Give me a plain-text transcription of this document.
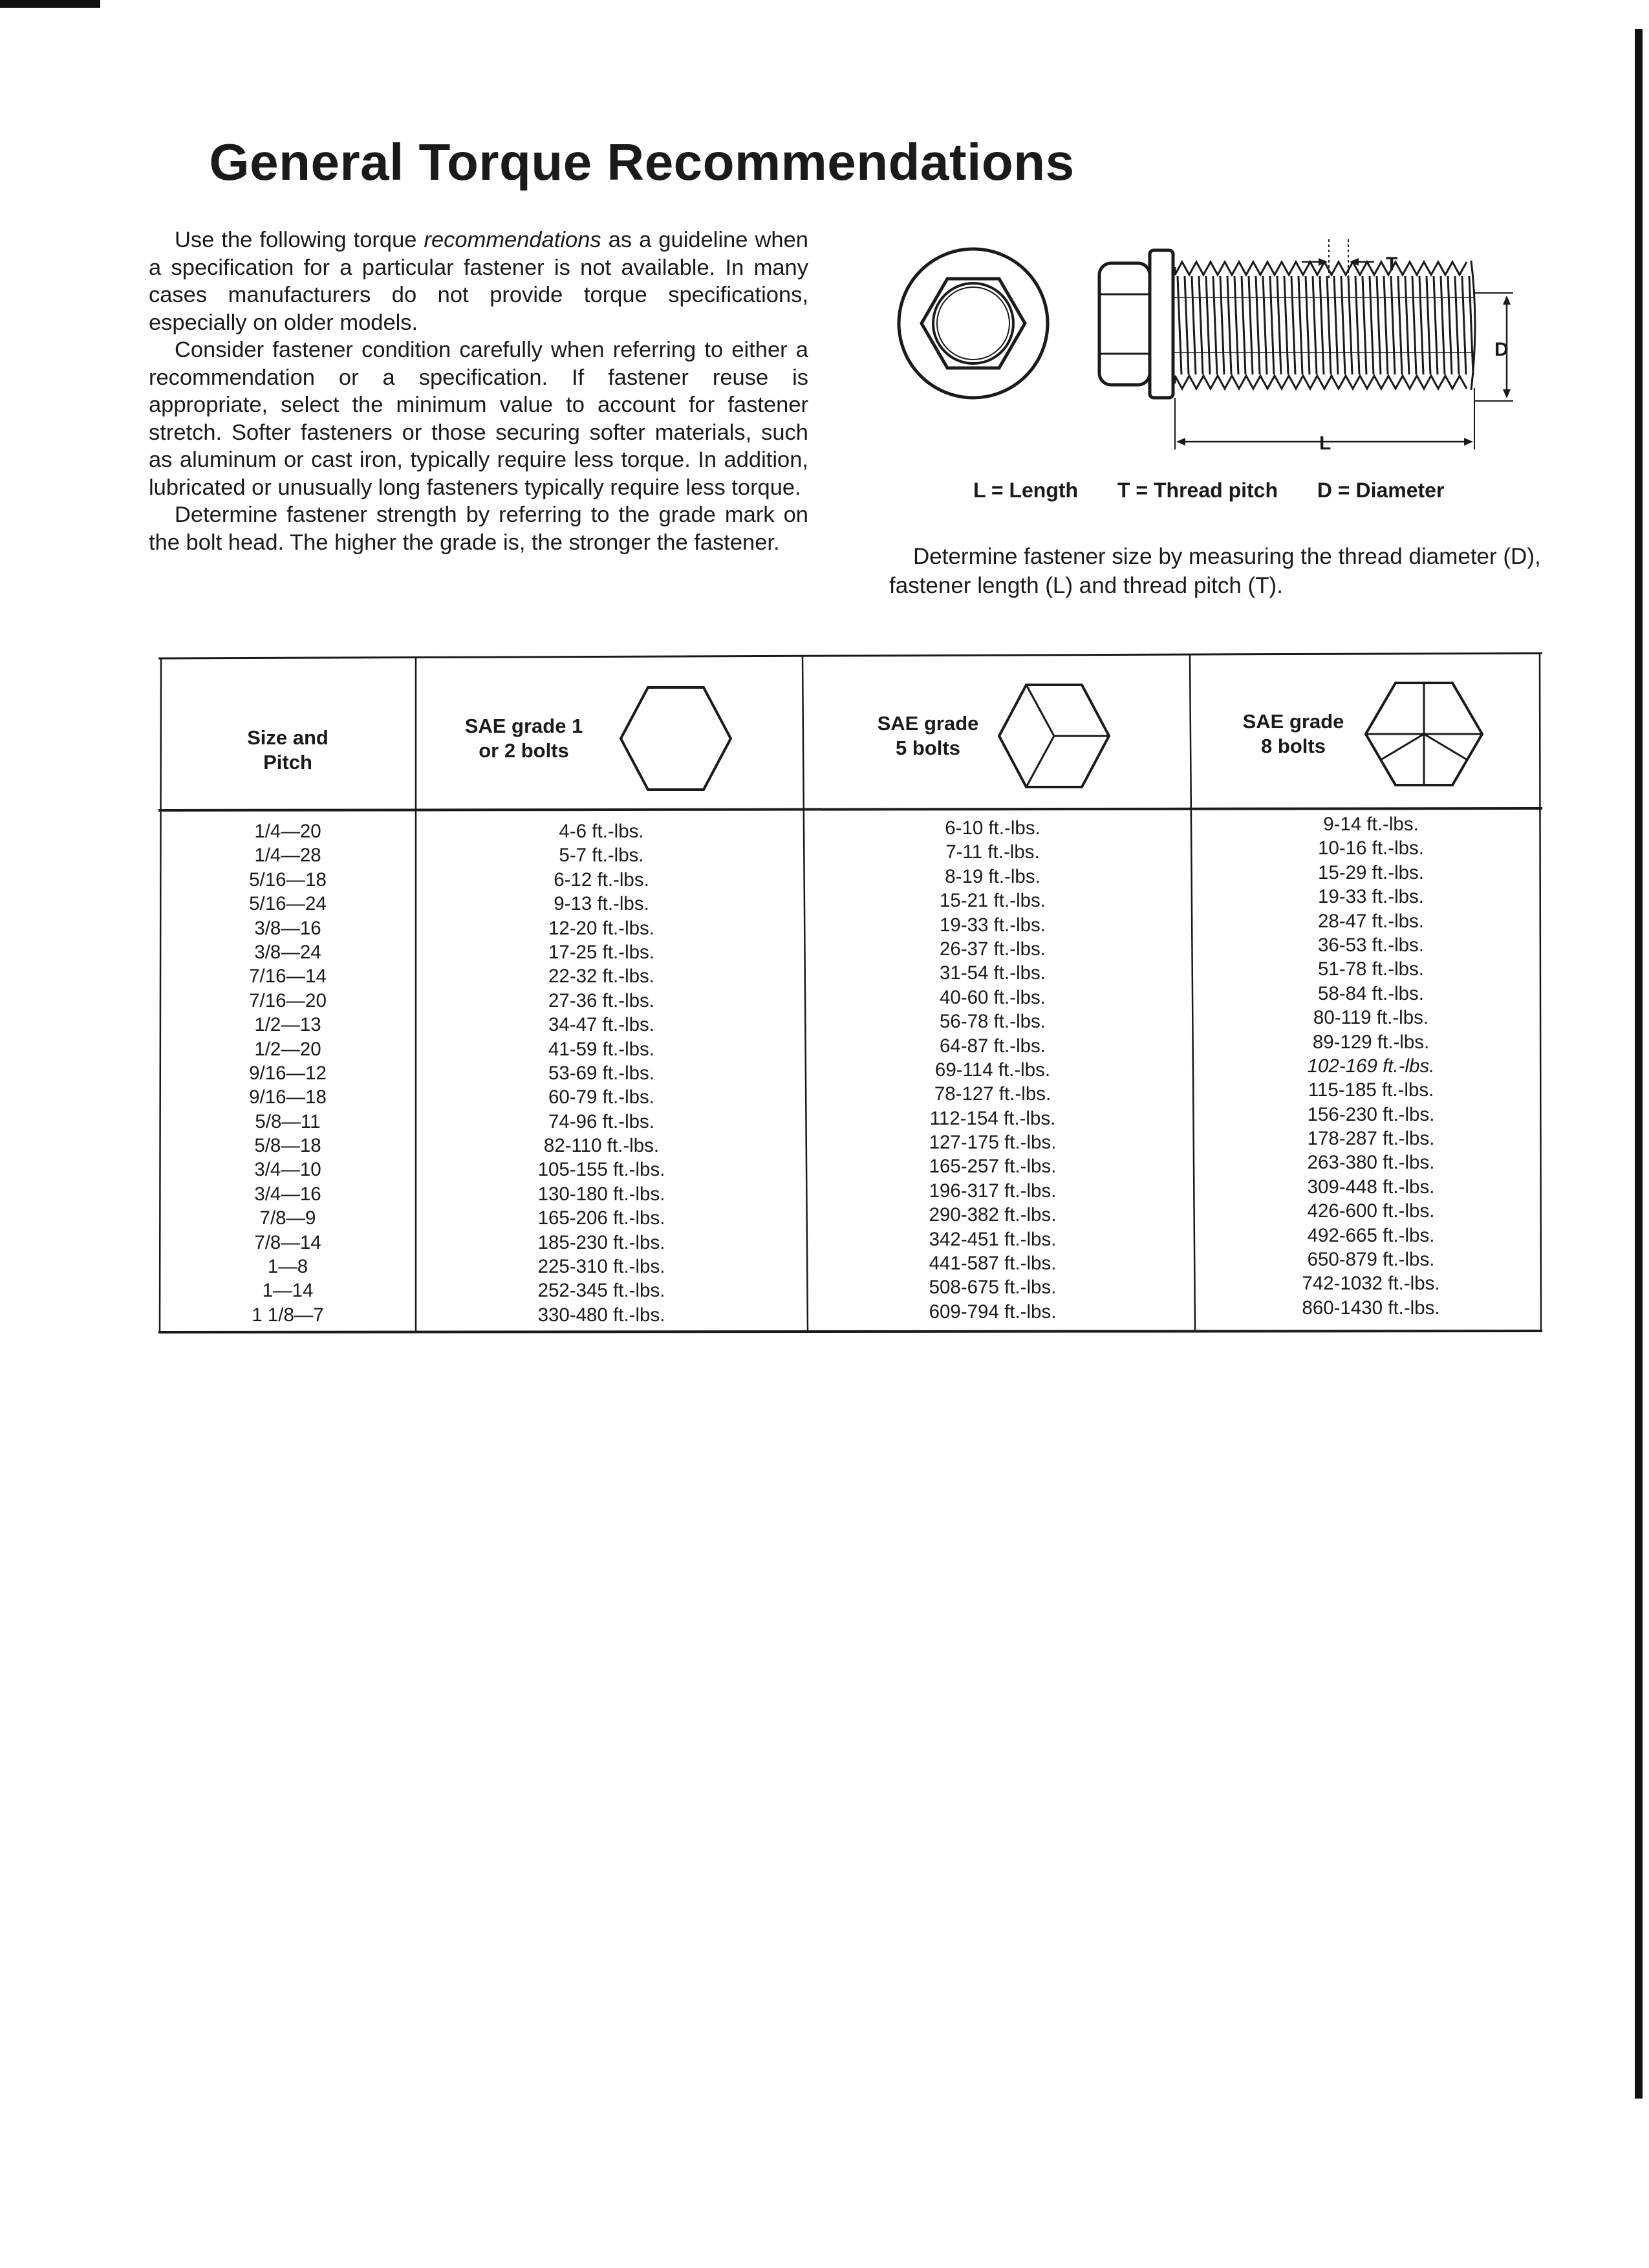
General Torque Recommendations

Use the following torque recommendations as a guideline when a specification for a particular fastener is not available. In many cases manufacturers do not provide torque specifications, especially on older models.

Consider fastener condition carefully when referring to either a recommendation or a specification. If fastener reuse is appropriate, select the minimum value to account for fastener stretch. Softer fasteners or those securing softer materials, such as aluminum or cast iron, typically require less torque. In addition, lubricated or unusually long fasteners typically require less torque.

Determine fastener strength by referring to the grade mark on the bolt head. The higher the grade is, the stronger the fastener.

T
D
L
L = Length T = Thread pitch D = Diameter
Determine fastener size by measuring the thread diameter (D), fastener length (L) and thread pitch (T).
Size and
Pitch
SAE grade 1
or 2 bolts
SAE grade
5 bolts
SAE grade
8 bolts
1/4—20
1/4—28
5/16—18
5/16—24
3/8—16
3/8—24
7/16—14
7/16—20
1/2—13
1/2—20
9/16—12
9/16—18
5/8—11
5/8—18
3/4—10
3/4—16
7/8—9
7/8—14
1—8
1—14
1 1/8—7
4-6 ft.-lbs.
5-7 ft.-lbs.
6-12 ft.-lbs.
9-13 ft.-lbs.
12-20 ft.-lbs.
17-25 ft.-lbs.
22-32 ft.-lbs.
27-36 ft.-lbs.
34-47 ft.-lbs.
41-59 ft.-lbs.
53-69 ft.-lbs.
60-79 ft.-lbs.
74-96 ft.-lbs.
82-110 ft.-lbs.
105-155 ft.-lbs.
130-180 ft.-lbs.
165-206 ft.-lbs.
185-230 ft.-lbs.
225-310 ft.-lbs.
252-345 ft.-lbs.
330-480 ft.-lbs.
6-10 ft.-lbs.
7-11 ft.-lbs.
8-19 ft.-lbs.
15-21 ft.-lbs.
19-33 ft.-lbs.
26-37 ft.-lbs.
31-54 ft.-lbs.
40-60 ft.-lbs.
56-78 ft.-lbs.
64-87 ft.-lbs.
69-114 ft.-lbs.
78-127 ft.-lbs.
112-154 ft.-lbs.
127-175 ft.-lbs.
165-257 ft.-lbs.
196-317 ft.-lbs.
290-382 ft.-lbs.
342-451 ft.-lbs.
441-587 ft.-lbs.
508-675 ft.-lbs.
609-794 ft.-lbs.
9-14 ft.-lbs.
10-16 ft.-lbs.
15-29 ft.-lbs.
19-33 ft.-lbs.
28-47 ft.-lbs.
36-53 ft.-lbs.
51-78 ft.-lbs.
58-84 ft.-lbs.
80-119 ft.-lbs.
89-129 ft.-lbs.
102-169 ft.-lbs.
115-185 ft.-lbs.
156-230 ft.-lbs.
178-287 ft.-lbs.
263-380 ft.-lbs.
309-448 ft.-lbs.
426-600 ft.-lbs.
492-665 ft.-lbs.
650-879 ft.-lbs.
742-1032 ft.-lbs.
860-1430 ft.-lbs.
